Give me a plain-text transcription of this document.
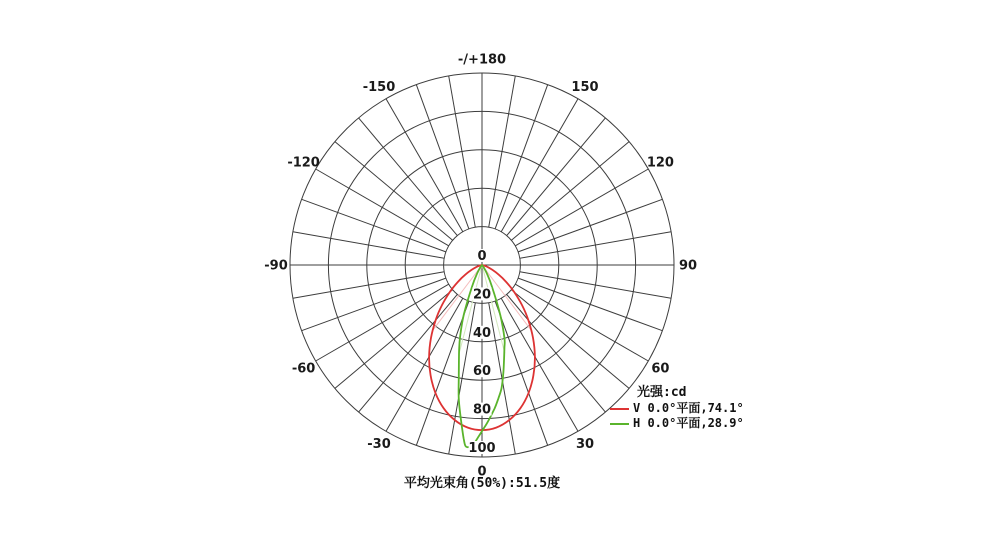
0
20
40
60
80
100
0
30
60
90
120
150
-/+180
-150
-120
-90
-60
-30
光强:cd
V 0.0°平面,74.1°
H 0.0°平面,28.9°
平均光束角(50%):51.5度
